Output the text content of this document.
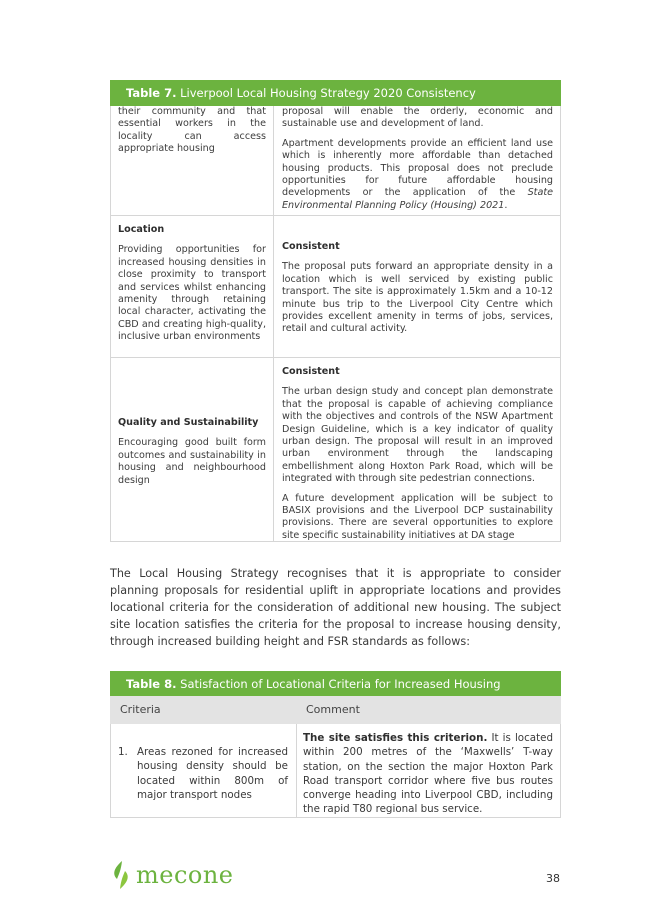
Table 7. Liverpool Local Housing Strategy 2020 Consistency

their community and that essential workers in the locality can access appropriate housing

proposal will enable the orderly, economic and sustainable use and development of land.

Apartment developments provide an efficient land use which is inherently more affordable than detached housing products. This proposal does not preclude opportunities for future affordable housing developments or the application of the State Environmental Planning Policy (Housing) 2021.

Location

Providing opportunities for increased housing densities in close proximity to transport and services whilst enhancing amenity through retaining local character, activating the CBD and creating high-quality, inclusive urban environments

Consistent

The proposal puts forward an appropriate density in a location which is well serviced by existing public transport. The site is approximately 1.5km and a 10-12 minute bus trip to the Liverpool City Centre which provides excellent amenity in terms of jobs, services, retail and cultural activity.

Quality and Sustainability

Encouraging good built form outcomes and sustainability in housing and neighbourhood design

Consistent

The urban design study and concept plan demonstrate that the proposal is capable of achieving compliance with the objectives and controls of the NSW Apartment Design Guideline, which is a key indicator of quality urban design. The proposal will result in an improved urban environment through the landscaping embellishment along Hoxton Park Road, which will be integrated with through site pedestrian connections.

A future development application will be subject to BASIX provisions and the Liverpool DCP sustainability provisions. There are several opportunities to explore site specific sustainability initiatives at DA stage

The Local Housing Strategy recognises that it is appropriate to consider planning proposals for residential uplift in appropriate locations and provides locational criteria for the consideration of additional new housing. The subject site location satisfies the criteria for the proposal to increase housing density, through increased building height and FSR standards as follows:
Table 8. Satisfaction of Locational Criteria for Increased Housing
Criteria	Comment
1. Areas rezoned for increased housing density should be located within 800m of major transport nodes
The site satisfies this criterion. It is located within 200 metres of the ‘Maxwells’ T-way station, on the section the major Hoxton Park Road transport corridor where five bus routes converge heading into Liverpool CBD, including the rapid T80 regional bus service.
mecone	38
